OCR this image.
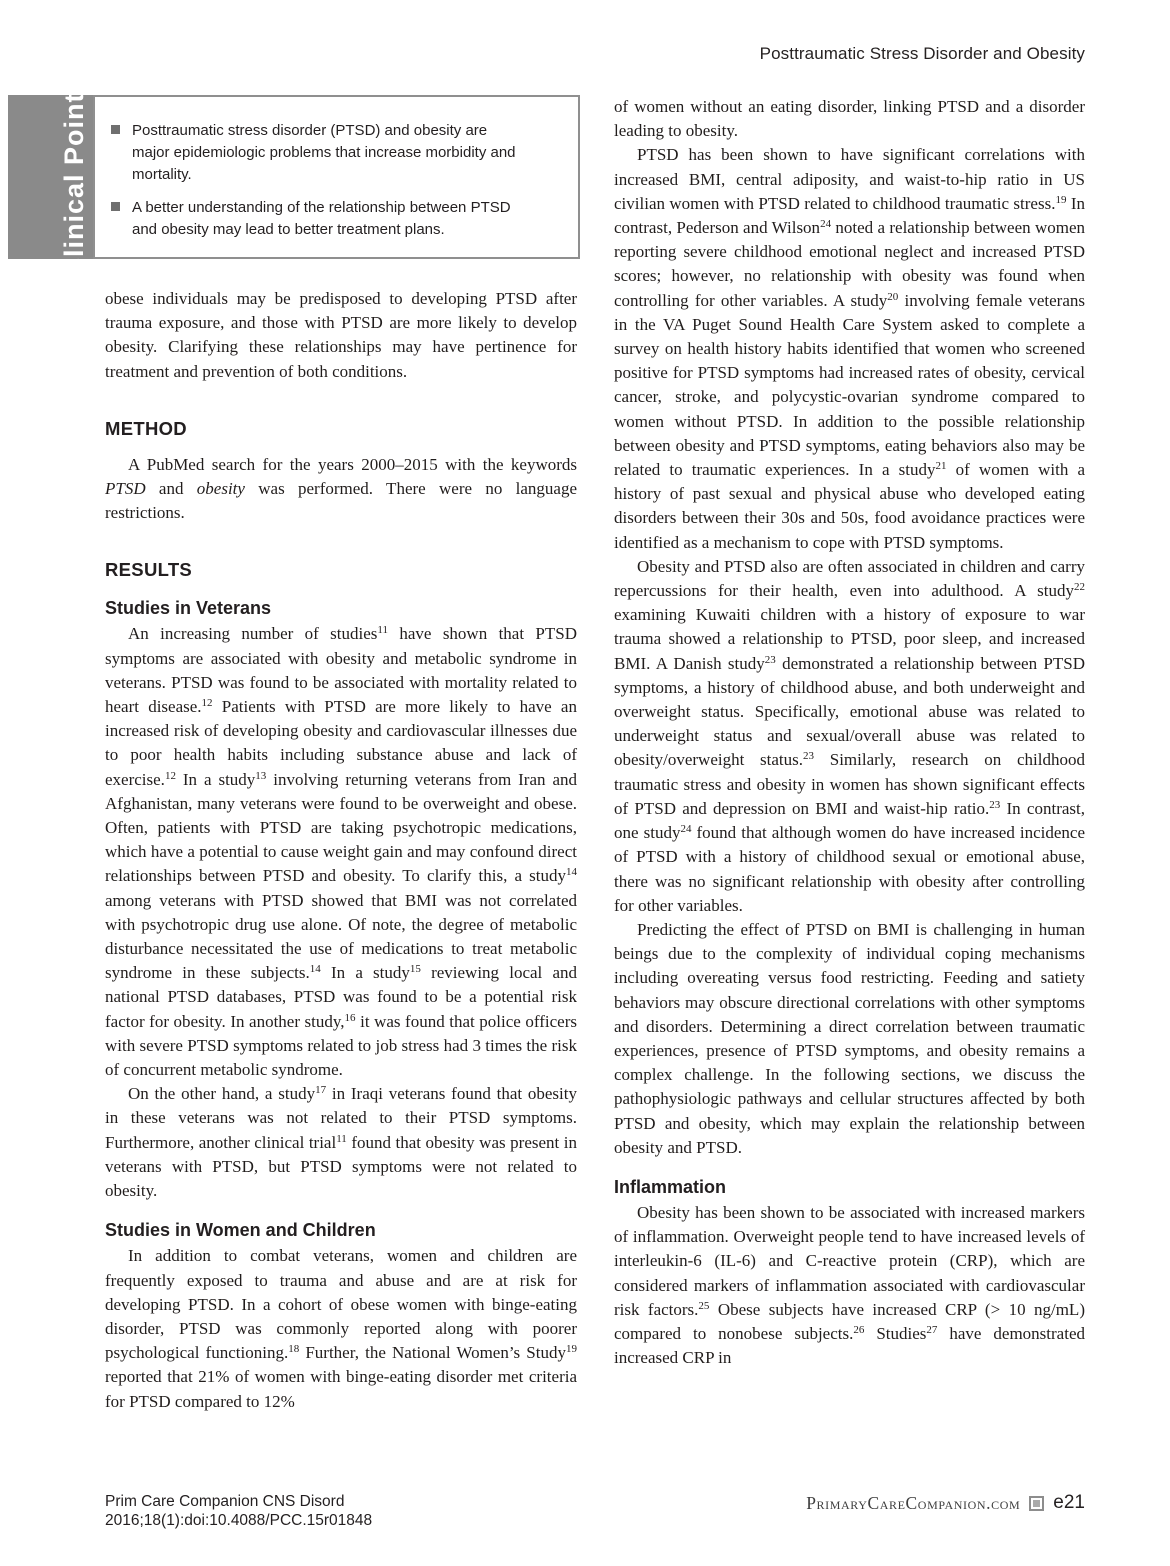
Posttraumatic Stress Disorder and Obesity
Clinical Points	Posttraumatic stress disorder (PTSD) and obesity are major epidemiologic problems that increase morbidity and mortality.
A better understanding of the relationship between PTSD and obesity may lead to better treatment plans.

obese individuals may be predisposed to developing PTSD after trauma exposure, and those with PTSD are more likely to develop obesity. Clarifying these relationships may have pertinence for treatment and prevention of both conditions.

METHOD

A PubMed search for the years 2000–2015 with the keywords PTSD and obesity was performed. There were no language restrictions.

RESULTS
Studies in Veterans

An increasing number of studies$^{11}$ have shown that PTSD symptoms are associated with obesity and metabolic syndrome in veterans. PTSD was found to be associated with mortality related to heart disease.$^{12}$ Patients with PTSD are more likely to have an increased risk of developing obesity and cardiovascular illnesses due to poor health habits including substance abuse and lack of exercise.$^{12}$ In a study$^{13}$ involving returning veterans from Iran and Afghanistan, many veterans were found to be overweight and obese. Often, patients with PTSD are taking psychotropic medications, which have a potential to cause weight gain and may confound direct relationships between PTSD and obesity. To clarify this, a study$^{14}$ among veterans with PTSD showed that BMI was not correlated with psychotropic drug use alone. Of note, the degree of metabolic disturbance necessitated the use of medications to treat metabolic syndrome in these subjects.$^{14}$ In a study$^{15}$ reviewing local and national PTSD databases, PTSD was found to be a potential risk factor for obesity. In another study,$^{16}$ it was found that police officers with severe PTSD symptoms related to job stress had 3 times the risk of concurrent metabolic syndrome.

On the other hand, a study$^{17}$ in Iraqi veterans found that obesity in these veterans was not related to their PTSD symptoms. Furthermore, another clinical trial$^{11}$ found that obesity was present in veterans with PTSD, but PTSD symptoms were not related to obesity.

Studies in Women and Children

In addition to combat veterans, women and children are frequently exposed to trauma and abuse and are at risk for developing PTSD. In a cohort of obese women with binge-eating disorder, PTSD was commonly reported along with poorer psychological functioning.$^{18}$ Further, the National Women’s Study$^{19}$ reported that 21% of women with binge-eating disorder met criteria for PTSD compared to 12%

of women without an eating disorder, linking PTSD and a disorder leading to obesity.

PTSD has been shown to have significant correlations with increased BMI, central adiposity, and waist-to-hip ratio in US civilian women with PTSD related to childhood traumatic stress.$^{19}$ In contrast, Pederson and Wilson$^{24}$ noted a relationship between women reporting severe childhood emotional neglect and increased PTSD scores; however, no relationship with obesity was found when controlling for other variables. A study$^{20}$ involving female veterans in the VA Puget Sound Health Care System asked to complete a survey on health history habits identified that women who screened positive for PTSD symptoms had increased rates of obesity, cervical cancer, stroke, and polycystic-ovarian syndrome compared to women without PTSD. In addition to the possible relationship between obesity and PTSD symptoms, eating behaviors also may be related to traumatic experiences. In a study$^{21}$ of women with a history of past sexual and physical abuse who developed eating disorders between their 30s and 50s, food avoidance practices were identified as a mechanism to cope with PTSD symptoms.

Obesity and PTSD also are often associated in children and carry repercussions for their health, even into adulthood. A study$^{22}$ examining Kuwaiti children with a history of exposure to war trauma showed a relationship to PTSD, poor sleep, and increased BMI. A Danish study$^{23}$ demonstrated a relationship between PTSD symptoms, a history of childhood abuse, and both underweight and overweight status. Specifically, emotional abuse was related to underweight status and sexual/overall abuse was related to obesity/overweight status.$^{23}$ Similarly, research on childhood traumatic stress and obesity in women has shown significant effects of PTSD and depression on BMI and waist-hip ratio.$^{23}$ In contrast, one study$^{24}$ found that although women do have increased incidence of PTSD with a history of childhood sexual or emotional abuse, there was no significant relationship with obesity after controlling for other variables.

Predicting the effect of PTSD on BMI is challenging in human beings due to the complexity of individual coping mechanisms including overeating versus food restricting. Feeding and satiety behaviors may obscure directional correlations with other symptoms and disorders. Determining a direct correlation between traumatic experiences, presence of PTSD symptoms, and obesity remains a complex challenge. In the following sections, we discuss the pathophysiologic pathways and cellular structures affected by both PTSD and obesity, which may explain the relationship between obesity and PTSD.

Inflammation

Obesity has been shown to be associated with increased markers of inflammation. Overweight people tend to have increased levels of interleukin-6 (IL-6) and C-reactive protein (CRP), which are considered markers of inflammation associated with cardiovascular risk factors.$^{25}$ Obese subjects have increased CRP (> 10 ng/mL) compared to nonobese subjects.$^{26}$ Studies$^{27}$ have demonstrated increased CRP in

Prim Care Companion CNS Disord
2016;18(1):doi:10.4088/PCC.15r01848
PrimaryCareCompanion.com e21
